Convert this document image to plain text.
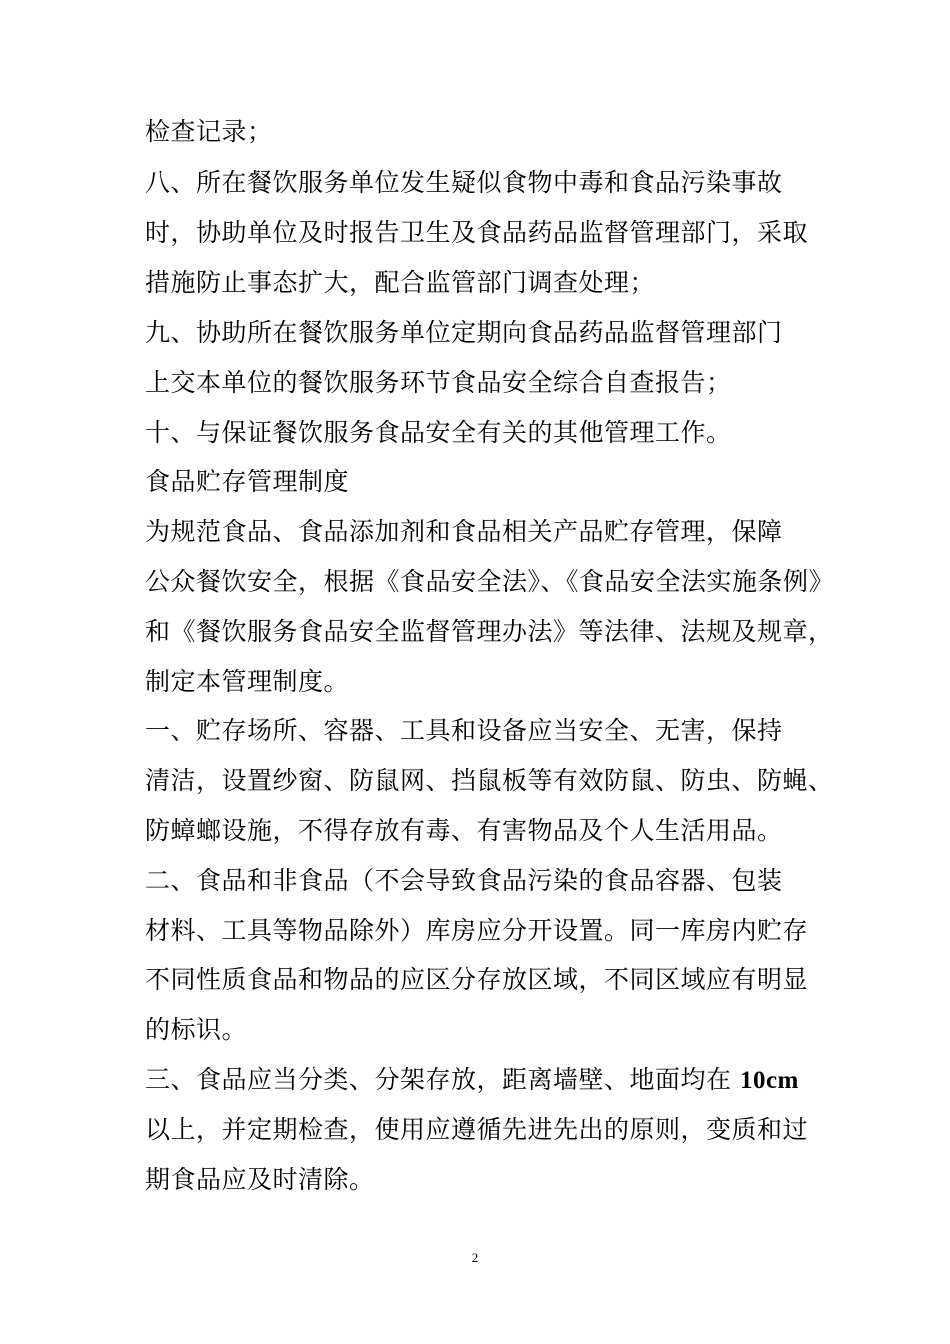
检查记录；
八、所在餐饮服务单位发生疑似食物中毒和食品污染事故
时，协助单位及时报告卫生及食品药品监督管理部门，采取
措施防止事态扩大，配合监管部门调查处理；
九、协助所在餐饮服务单位定期向食品药品监督管理部门
上交本单位的餐饮服务环节食品安全综合自查报告；
十、与保证餐饮服务食品安全有关的其他管理工作。
食品贮存管理制度
为规范食品、食品添加剂和食品相关产品贮存管理，保障
公众餐饮安全，根据《食品安全法》、《食品安全法实施条例》
和《餐饮服务食品安全监督管理办法》等法律、法规及规章，
制定本管理制度。
一、贮存场所、容器、工具和设备应当安全、无害，保持
清洁，设置纱窗、防鼠网、挡鼠板等有效防鼠、防虫、防蝇、
防蟑螂设施，不得存放有毒、有害物品及个人生活用品。
二、食品和非食品（不会导致食品污染的食品容器、包装
材料、工具等物品除外）库房应分开设置。同一库房内贮存
不同性质食品和物品的应区分存放区域，不同区域应有明显
的标识。
三、食品应当分类、分架存放，距离墙壁、地面均在 10cm
以上，并定期检查，使用应遵循先进先出的原则，变质和过
期食品应及时清除。
2
